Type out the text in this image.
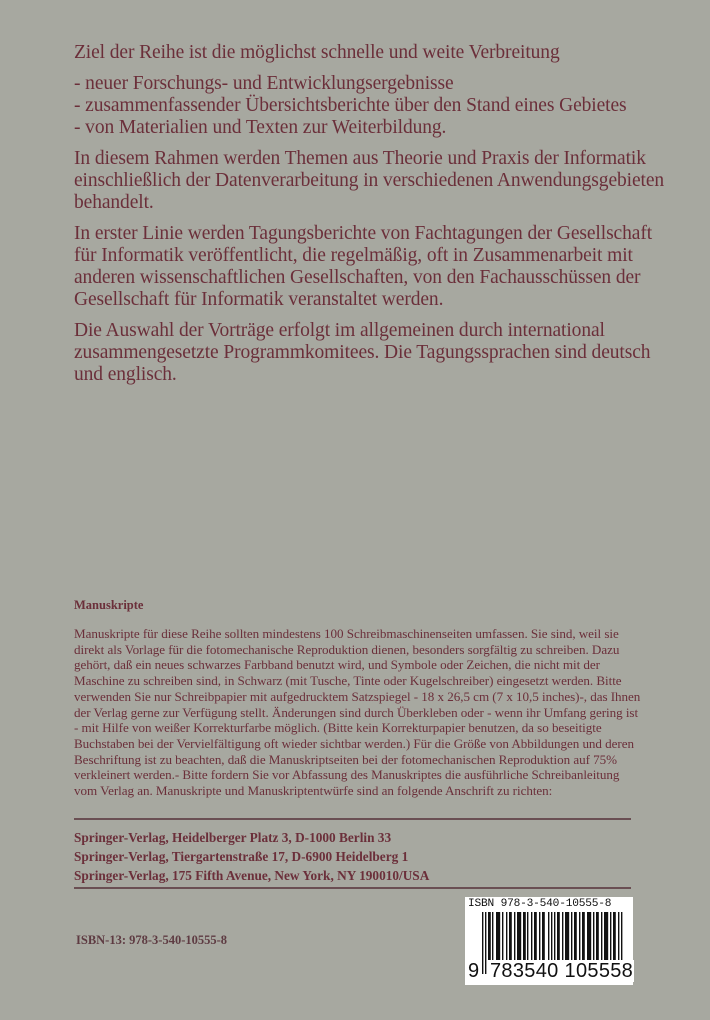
Ziel der Reihe ist die möglichst schnelle und weite Verbreitung

- neuer Forschungs- und Entwicklungsergebnisse
- zusammenfassender Übersichtsberichte über den Stand eines Gebietes
- von Materialien und Texten zur Weiterbildung.

In diesem Rahmen werden Themen aus Theorie und Praxis der Informatik einschließlich der Datenverarbeitung in verschiedenen Anwendungsgebieten behandelt.

In erster Linie werden Tagungsberichte von Fachtagungen der Gesellschaft für Informatik veröffentlicht, die regelmäßig, oft in Zusammenarbeit mit anderen wissenschaftlichen Gesellschaften, von den Fachausschüssen der Gesellschaft für Informatik veranstaltet werden.

Die Auswahl der Vorträge erfolgt im allgemeinen durch international zusammengesetzte Programmkomitees. Die Tagungssprachen sind deutsch und englisch.

Manuskripte

Manuskripte für diese Reihe sollten mindestens 100 Schreibmaschinenseiten umfassen. Sie sind, weil sie direkt als Vorlage für die fotomechanische Reproduktion dienen, besonders sorgfältig zu schreiben. Dazu gehört, daß ein neues schwarzes Farbband benutzt wird, und Symbole oder Zeichen, die nicht mit der Maschine zu schreiben sind, in Schwarz (mit Tusche, Tinte oder Kugelschreiber) eingesetzt werden. Bitte verwenden Sie nur Schreibpapier mit aufgedrucktem Satzspiegel - 18 x 26,5 cm (7 x 10,5 inches)-, das Ihnen der Verlag gerne zur Verfügung stellt. Änderungen sind durch Überkleben oder - wenn ihr Umfang gering ist - mit Hilfe von weißer Korrekturfarbe möglich. (Bitte kein Korrekturpapier benutzen, da so beseitigte Buchstaben bei der Vervielfältigung oft wieder sichtbar werden.) Für die Größe von Abbildungen und deren Beschriftung ist zu beachten, daß die Manuskriptseiten bei der fotomechanischen Reproduktion auf 75% verkleinert werden.- Bitte fordern Sie vor Abfassung des Manuskriptes die ausführliche Schreibanleitung vom Verlag an. Manuskripte und Manuskriptentwürfe sind an folgende Anschrift zu richten:

Springer-Verlag, Heidelberger Platz 3, D-1000 Berlin 33
Springer-Verlag, Tiergartenstraße 17, D-6900 Heidelberg 1
Springer-Verlag, 175 Fifth Avenue, New York, NY 190010/USA
ISBN-13: 978-3-540-10555-8
ISBN 978-3-540-10555-8
9 783540 105558
